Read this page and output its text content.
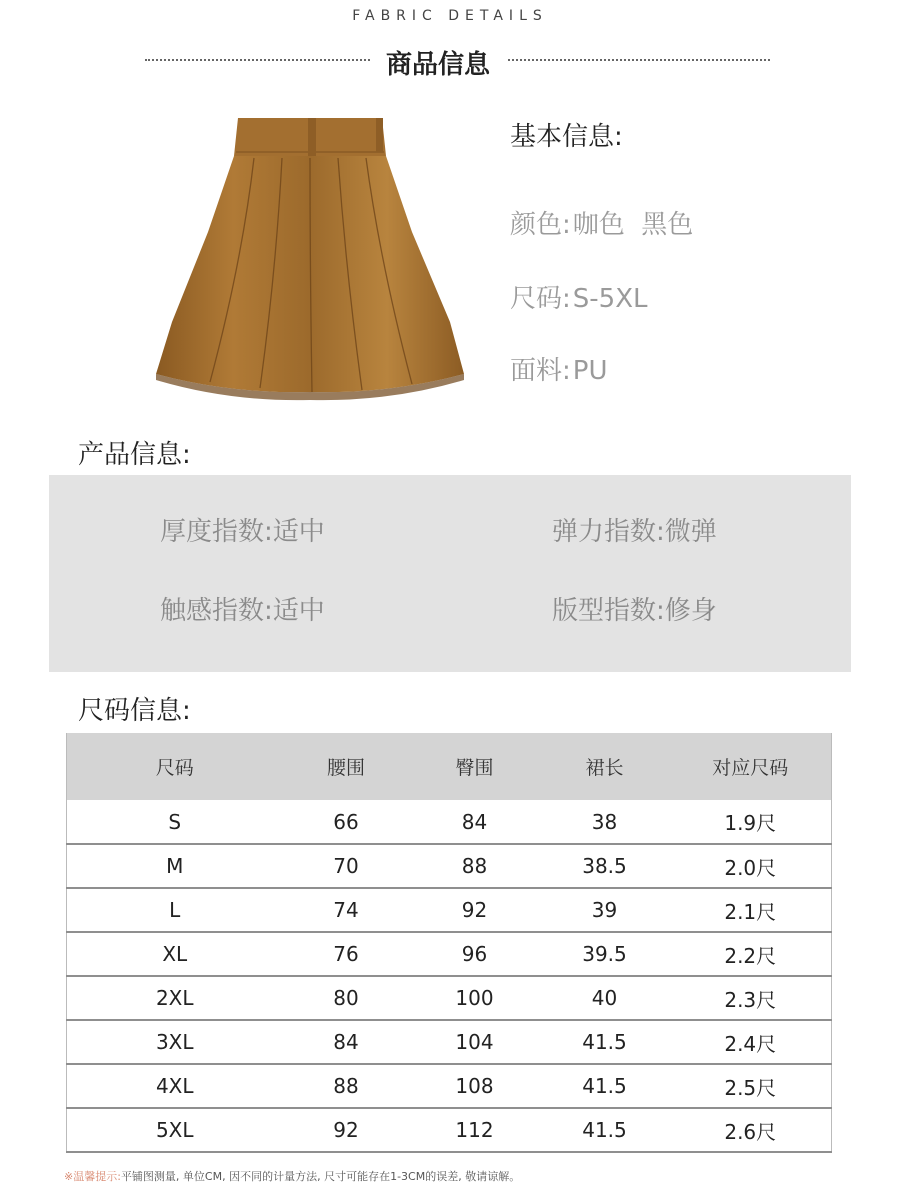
FABRIC DETAILS
商品信息
基本信息:
颜色:咖色  黑色
尺码:S-5XL
面料:PU
产品信息:
厚度指数:适中	弹力指数:微弹
触感指数:适中	版型指数:修身
尺码信息:
尺码	腰围	臀围	裙长	对应尺码
S	66	84	38	1.9尺
M	70	88	38.5	2.0尺
L	74	92	39	2.1尺
XL	76	96	39.5	2.2尺
2XL	80	100	40	2.3尺
3XL	84	104	41.5	2.4尺
4XL	88	108	41.5	2.5尺
5XL	92	112	41.5	2.6尺
※温馨提示:平铺图测量, 单位CM, 因不同的计量方法, 尺寸可能存在1-3CM的误差, 敬请谅解。
